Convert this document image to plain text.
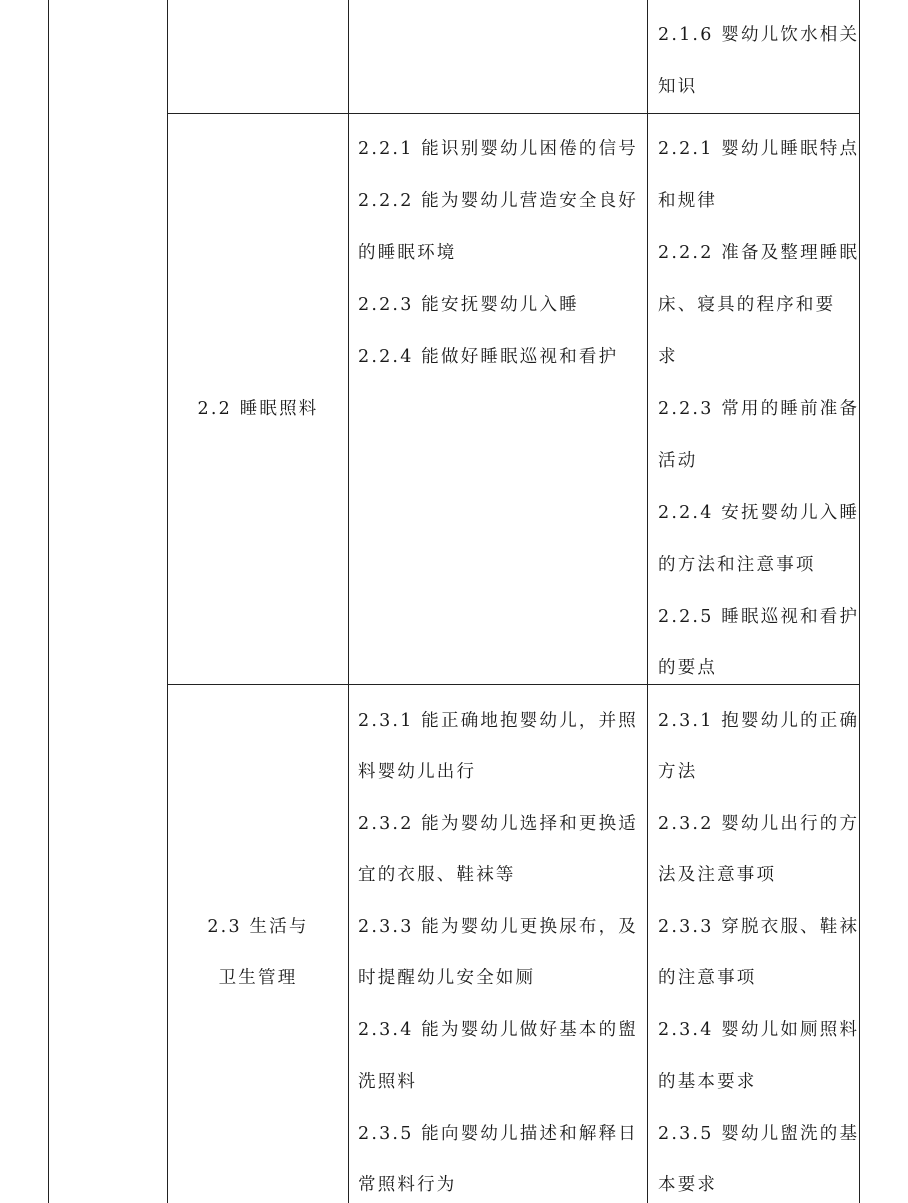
2.1.6 婴幼儿饮水相关
知识
2.2 睡眠照料
2.2.1 能识别婴幼儿困倦的信号
2.2.2 能为婴幼儿营造安全良好
的睡眠环境
2.2.3 能安抚婴幼儿入睡
2.2.4 能做好睡眠巡视和看护
2.2.1 婴幼儿睡眠特点
和规律
2.2.2 准备及整理睡眠
床、寝具的程序和要
求
2.2.3 常用的睡前准备
活动
2.2.4 安抚婴幼儿入睡
的方法和注意事项
2.2.5 睡眠巡视和看护
的要点
2.3 生活与
卫生管理
2.3.1 能正确地抱婴幼儿，并照
料婴幼儿出行
2.3.2 能为婴幼儿选择和更换适
宜的衣服、鞋袜等
2.3.3 能为婴幼儿更换尿布，及
时提醒幼儿安全如厕
2.3.4 能为婴幼儿做好基本的盥
洗照料
2.3.5 能向婴幼儿描述和解释日
常照料行为
2.3.1 抱婴幼儿的正确
方法
2.3.2 婴幼儿出行的方
法及注意事项
2.3.3 穿脱衣服、鞋袜
的注意事项
2.3.4 婴幼儿如厕照料
的基本要求
2.3.5 婴幼儿盥洗的基
本要求
